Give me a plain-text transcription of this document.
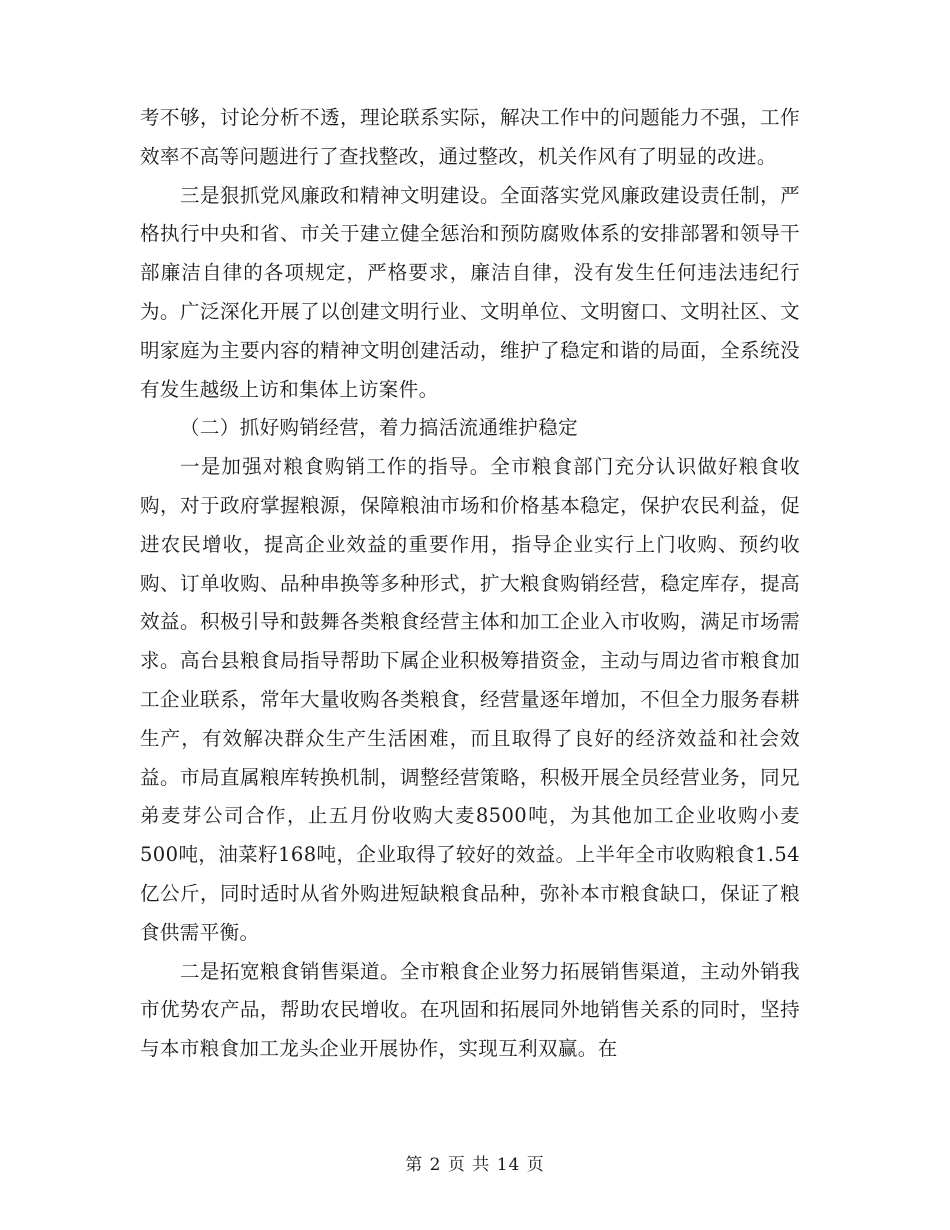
考不够，讨论分析不透，理论联系实际，解决工作中的问题能力不强，工作效率不高等问题进行了查找整改，通过整改，机关作风有了明显的改进。

三是狠抓党风廉政和精神文明建设。全面落实党风廉政建设责任制，严格执行中央和省、市关于建立健全惩治和预防腐败体系的安排部署和领导干部廉洁自律的各项规定，严格要求，廉洁自律，没有发生任何违法违纪行为。广泛深化开展了以创建文明行业、文明单位、文明窗口、文明社区、文明家庭为主要内容的精神文明创建活动，维护了稳定和谐的局面，全系统没有发生越级上访和集体上访案件。

（二）抓好购销经营，着力搞活流通维护稳定

一是加强对粮食购销工作的指导。全市粮食部门充分认识做好粮食收购，对于政府掌握粮源，保障粮油市场和价格基本稳定，保护农民利益，促进农民增收，提高企业效益的重要作用，指导企业实行上门收购、预约收购、订单收购、品种串换等多种形式，扩大粮食购销经营，稳定库存，提高效益。积极引导和鼓舞各类粮食经营主体和加工企业入市收购，满足市场需求。高台县粮食局指导帮助下属企业积极筹措资金，主动与周边省市粮食加工企业联系，常年大量收购各类粮食，经营量逐年增加，不但全力服务春耕生产，有效解决群众生产生活困难，而且取得了良好的经济效益和社会效益。市局直属粮库转换机制，调整经营策略，积极开展全员经营业务，同兄弟麦芽公司合作，止五月份收购大麦8500吨，为其他加工企业收购小麦500吨，油菜籽168吨，企业取得了较好的效益。上半年全市收购粮食1.54亿公斤，同时适时从省外购进短缺粮食品种，弥补本市粮食缺口，保证了粮食供需平衡。

二是拓宽粮食销售渠道。全市粮食企业努力拓展销售渠道，主动外销我市优势农产品，帮助农民增收。在巩固和拓展同外地销售关系的同时，坚持与本市粮食加工龙头企业开展协作，实现互利双赢。在

第 2 页 共 14 页
